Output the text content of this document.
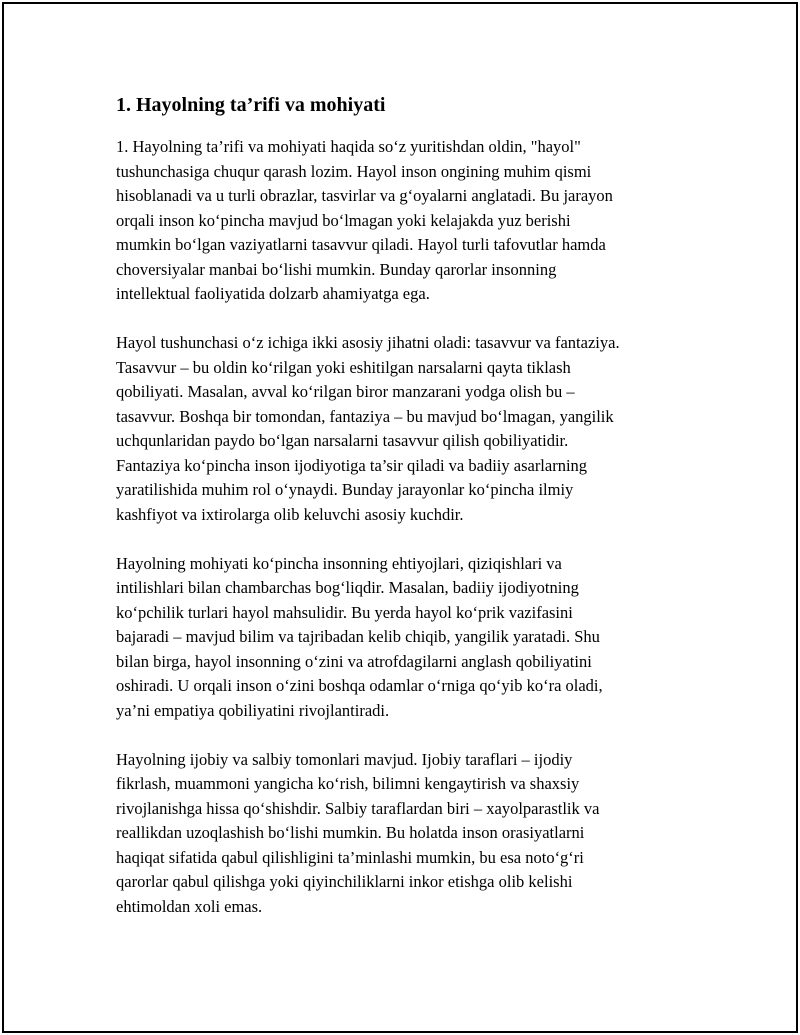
1. Hayolning ta’rifi va mohiyati

1. Hayolning ta’rifi va mohiyati haqida so‘z yuritishdan oldin, "hayol"
tushunchasiga chuqur qarash lozim. Hayol inson ongining muhim qismi
hisoblanadi va u turli obrazlar, tasvirlar va g‘oyalarni anglatadi. Bu jarayon
orqali inson ko‘pincha mavjud bo‘lmagan yoki kelajakda yuz berishi
mumkin bo‘lgan vaziyatlarni tasavvur qiladi. Hayol turli tafovutlar hamda
choversiyalar manbai bo‘lishi mumkin. Bunday qarorlar insonning
intellektual faoliyatida dolzarb ahamiyatga ega.

Hayol tushunchasi o‘z ichiga ikki asosiy jihatni oladi: tasavvur va fantaziya.
Tasavvur – bu oldin ko‘rilgan yoki eshitilgan narsalarni qayta tiklash
qobiliyati. Masalan, avval ko‘rilgan biror manzarani yodga olish bu –
tasavvur. Boshqa bir tomondan, fantaziya – bu mavjud bo‘lmagan, yangilik
uchqunlaridan paydo bo‘lgan narsalarni tasavvur qilish qobiliyatidir.
Fantaziya ko‘pincha inson ijodiyotiga ta’sir qiladi va badiiy asarlarning
yaratilishida muhim rol o‘ynaydi. Bunday jarayonlar ko‘pincha ilmiy
kashfiyot va ixtirolarga olib keluvchi asosiy kuchdir.

Hayolning mohiyati ko‘pincha insonning ehtiyojlari, qiziqishlari va
intilishlari bilan chambarchas bog‘liqdir. Masalan, badiiy ijodiyotning
ko‘pchilik turlari hayol mahsulidir. Bu yerda hayol ko‘prik vazifasini
bajaradi – mavjud bilim va tajribadan kelib chiqib, yangilik yaratadi. Shu
bilan birga, hayol insonning o‘zini va atrofdagilarni anglash qobiliyatini
oshiradi. U orqali inson o‘zini boshqa odamlar o‘rniga qo‘yib ko‘ra oladi,
ya’ni empatiya qobiliyatini rivojlantiradi.

Hayolning ijobiy va salbiy tomonlari mavjud. Ijobiy taraflari – ijodiy
fikrlash, muammoni yangicha ko‘rish, bilimni kengaytirish va shaxsiy
rivojlanishga hissa qo‘shishdir. Salbiy taraflardan biri – xayolparastlik va
reallikdan uzoqlashish bo‘lishi mumkin. Bu holatda inson orasiyatlarni
haqiqat sifatida qabul qilishligini ta’minlashi mumkin, bu esa noto‘g‘ri
qarorlar qabul qilishga yoki qiyinchiliklarni inkor etishga olib kelishi
ehtimoldan xoli emas.
